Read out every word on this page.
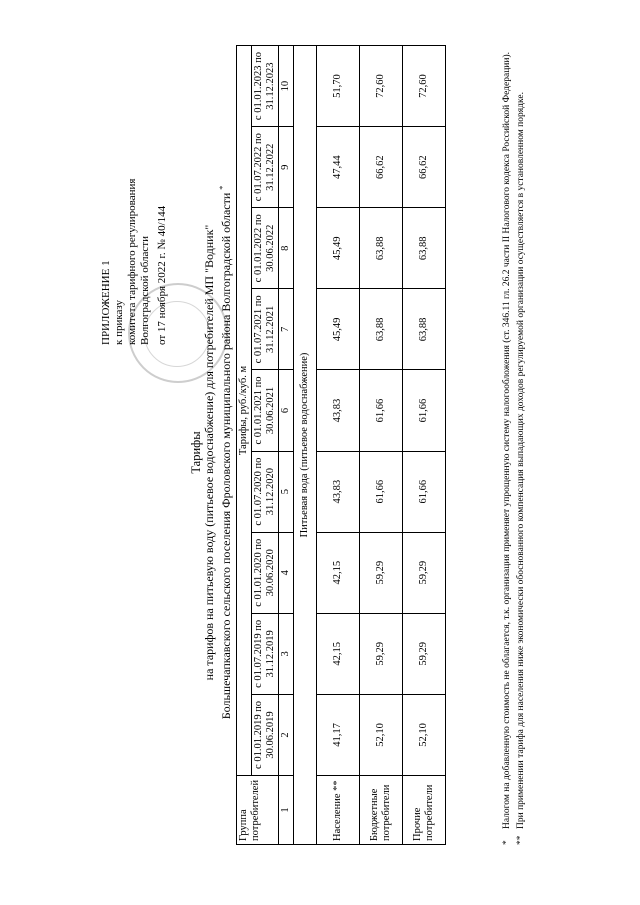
ПРИЛОЖЕНИЕ 1 к приказу комитета тарифного регулирования Волгоградской области от 17 ноября 2022 г. № 40/144
Тарифы на тарифов на питьевую воду (питьевое водоснабжение) для потребителей МП "Водник" Большечапкавского сельского поселения Фроловского муниципального района Волгоградской области *
Группа потребителей	Тарифы, руб./куб. м								
	с 01.01.2019 по 30.06.2019	с 01.07.2019 по 31.12.2019	с 01.01.2020 по 30.06.2020	с 01.07.2020 по 31.12.2020	с 01.01.2021 по 30.06.2021	с 01.07.2021 по 31.12.2021	с 01.01.2022 по 30.06.2022	с 01.07.2022 по 31.12.2022	с 01.01.2023 по 31.12.2023
1	2	3	4	5	6	7	8	9	10
Питьевая вода (питьевое водоснабжение)									
Население **	41,17	42,15	42,15	43,83	43,83	45,49	45,49	47,44	51,70
Бюджетные потребители	52,10	59,29	59,29	61,66	61,66	63,88	63,88	66,62	72,60
Прочие потребители	52,10	59,29	59,29	61,66	61,66	63,88	63,88	66,62	72,60

*Налогом на добавленную стоимость не облагается, т.к. организация применяет упрощенную систему налогообложения (ст. 346.11 гл. 26.2 части II Налогового кодекса Российской Федерации).

**При применении тарифа для населения ниже экономически обоснованного компенсация выпадающих доходов регулируемой организации осуществляется в установленном порядке.
